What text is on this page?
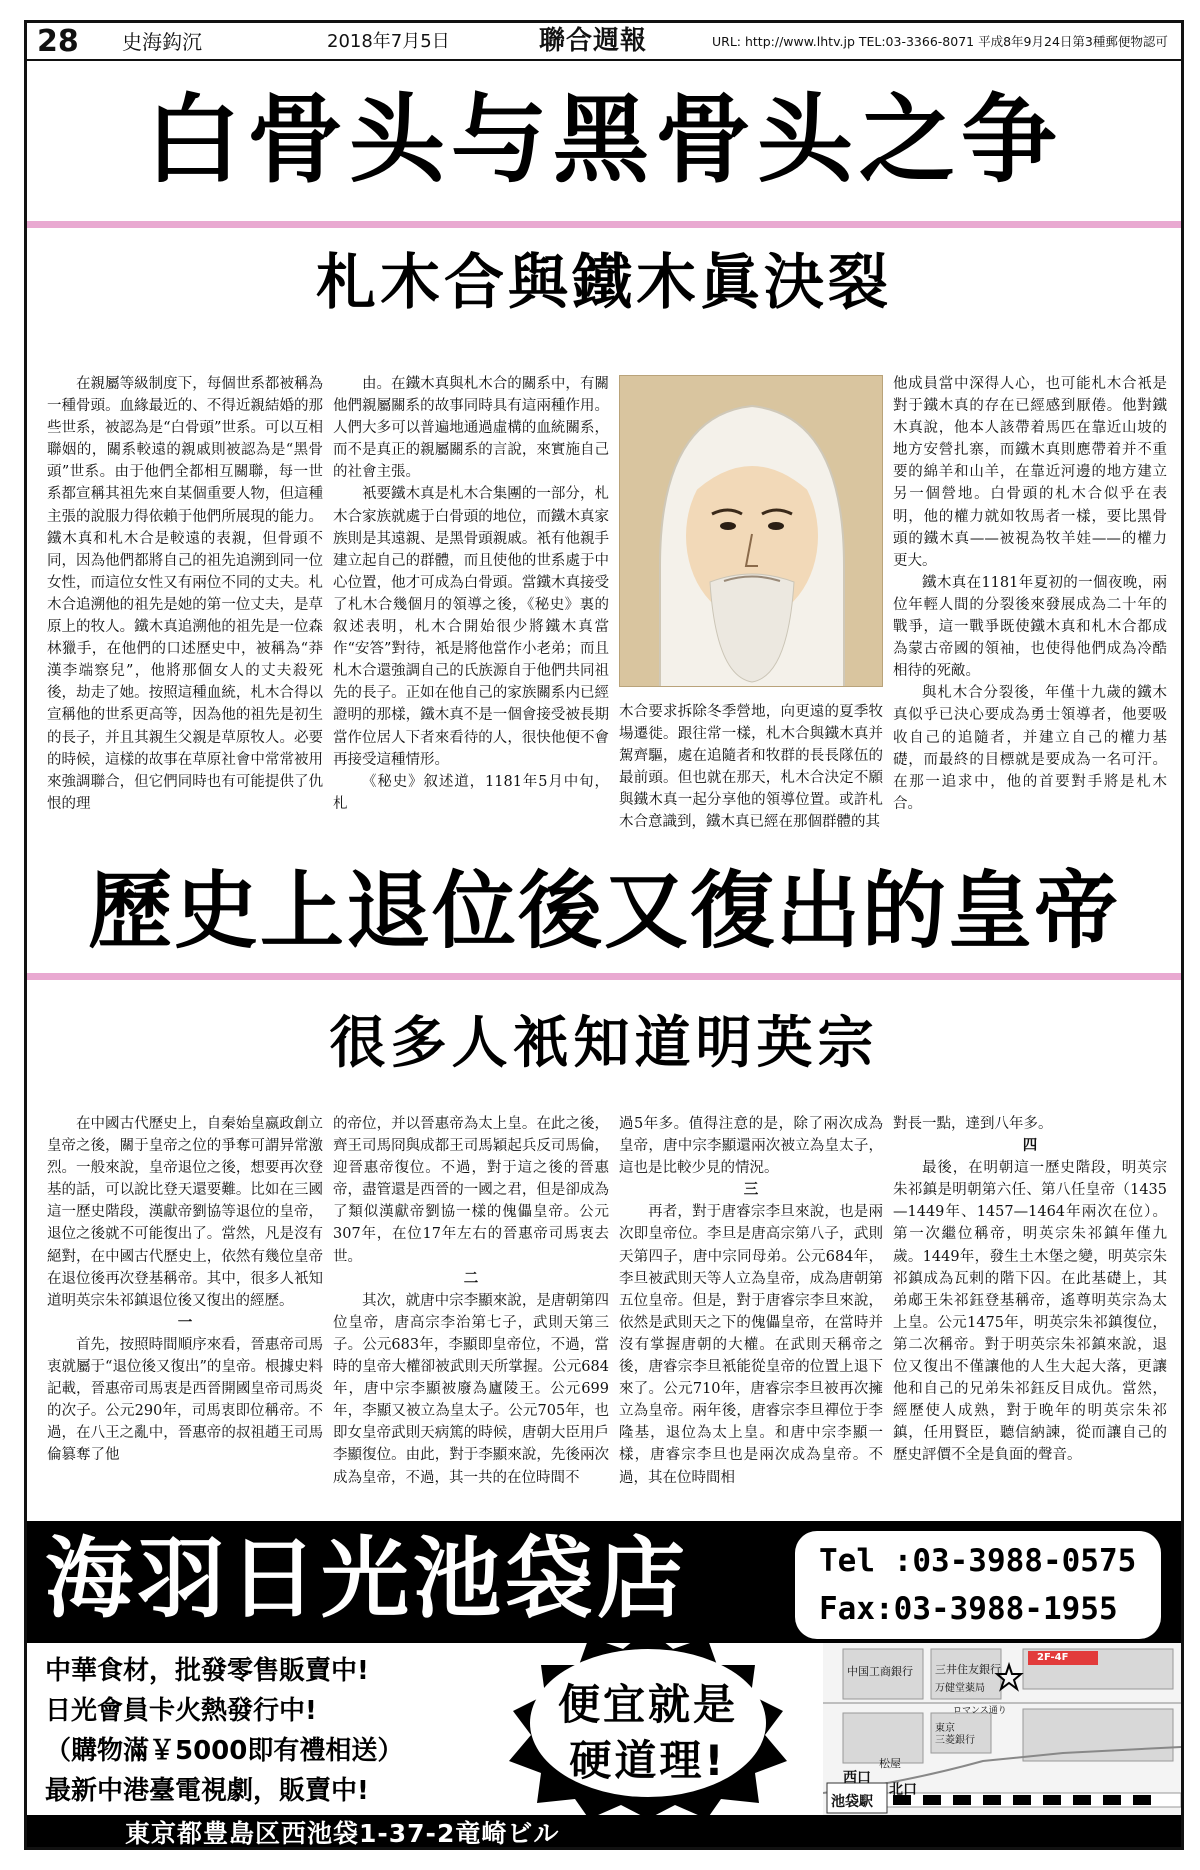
28 史海鈎沉	2018年7月5日	聯合週報	URL: http://www.lhtv.jp TEL:03-3366-8071 平成8年9月24日第3種郵便物認可
白骨头与黑骨头之争
札木合與鐵木眞決裂

在親屬等級制度下，每個世系都被稱為一種骨頭。血緣最近的、不得近親結婚的那些世系，被認為是“白骨頭”世系。可以互相聯姻的，關系較遠的親戚則被認為是“黑骨頭”世系。由于他們全都相互關聯，每一世系都宣稱其祖先來自某個重要人物，但這種主張的說服力得依賴于他們所展現的能力。鐵木真和札木合是較遠的表親，但骨頭不同，因為他們都將自己的祖先追溯到同一位女性，而這位女性又有兩位不同的丈夫。札木合追溯他的祖先是她的第一位丈夫，是草原上的牧人。鐵木真追溯他的祖先是一位森林獵手，在他們的口述歷史中，被稱為“莽漢李端察兒”，他將那個女人的丈夫殺死後，劫走了她。按照這種血統，札木合得以宣稱他的世系更高等，因為他的祖先是初生的長子，并且其親生父親是草原牧人。必要的時候，這樣的故事在草原社會中常常被用來強調聯合，但它們同時也有可能提供了仇恨的理

由。在鐵木真與札木合的關系中，有關他們親屬關系的故事同時具有這兩種作用。人們大多可以普遍地通過虛構的血統關系，而不是真正的親屬關系的言說，來實施自己的社會主張。

衹要鐵木真是札木合集團的一部分，札木合家族就處于白骨頭的地位，而鐵木真家族則是其遠親、是黑骨頭親戚。衹有他親手建立起自己的群體，而且使他的世系處于中心位置，他才可成為白骨頭。當鐵木真接受了札木合幾個月的領導之後，《秘史》裏的叙述表明，札木合開始很少將鐵木真當作“安答”對待，衹是將他當作小老弟；而且札木合還強調自己的氏族源自于他們共同祖先的長子。正如在他自己的家族關系内已經證明的那樣，鐵木真不是一個會接受被長期當作位居人下者來看待的人，很快他便不會再接受這種情形。

《秘史》叙述道，1181年5月中旬，札

木合要求拆除冬季營地，向更遠的夏季牧場遷徙。跟往常一樣，札木合與鐵木真并駕齊驅，處在追隨者和牧群的長長隊伍的最前頭。但也就在那天，札木合決定不願與鐵木真一起分享他的領導位置。或許札木合意識到，鐵木真已經在那個群體的其

他成員當中深得人心，也可能札木合衹是對于鐵木真的存在已經感到厭倦。他對鐵木真說，他本人該帶着馬匹在靠近山坡的地方安營扎寨，而鐵木真則應帶着并不重要的綿羊和山羊，在靠近河邊的地方建立另一個營地。白骨頭的札木合似乎在表明，他的權力就如牧馬者一樣，要比黑骨頭的鐵木真——被視為牧羊娃——的權力更大。

鐵木真在1181年夏初的一個夜晚，兩位年輕人間的分裂後來發展成為二十年的戰爭，這一戰爭既使鐵木真和札木合都成為蒙古帝國的領袖，也使得他們成為冷酷相待的死敵。

與札木合分裂後，年僅十九歲的鐵木真似乎已決心要成為勇士領導者，他要吸收自己的追隨者，并建立自己的權力基礎，而最終的目標就是要成為一名可汗。在那一追求中，他的首要對手將是札木合。

歷史上退位後又復出的皇帝
很多人衹知道明英宗

在中國古代歷史上，自秦始皇嬴政創立皇帝之後，關于皇帝之位的爭奪可謂异常激烈。一般來說，皇帝退位之後，想要再次登基的話，可以說比登天還要難。比如在三國這一歷史階段，漢獻帝劉協等退位的皇帝，退位之後就不可能復出了。當然，凡是沒有絕對，在中國古代歷史上，依然有幾位皇帝在退位後再次登基稱帝。其中，很多人衹知道明英宗朱祁鎮退位後又復出的經歷。

一

首先，按照時間順序來看，晉惠帝司馬衷就屬于“退位後又復出”的皇帝。根據史料記載，晉惠帝司馬衷是西晉開國皇帝司馬炎的次子。公元290年，司馬衷即位稱帝。不過，在八王之亂中，晉惠帝的叔祖趙王司馬倫篡奪了他

的帝位，并以晉惠帝為太上皇。在此之後，齊王司馬冏與成都王司馬穎起兵反司馬倫，迎晉惠帝復位。不過，對于這之後的晉惠帝，盡管還是西晉的一國之君，但是卻成為了類似漢獻帝劉協一樣的傀儡皇帝。公元307年，在位17年左右的晉惠帝司馬衷去世。

二

其次，就唐中宗李顯來說，是唐朝第四位皇帝，唐高宗李治第七子，武則天第三子。公元683年，李顯即皇帝位，不過，當時的皇帝大權卻被武則天所掌握。公元684年，唐中宗李顯被廢為廬陵王。公元699年，李顯又被立為皇太子。公元705年，也即女皇帝武則天病篤的時候，唐朝大臣用戶李顯復位。由此，對于李顯來說，先後兩次成為皇帝，不過，其一共的在位時間不

過5年多。值得注意的是，除了兩次成為皇帝，唐中宗李顯還兩次被立為皇太子，這也是比較少見的情況。

三

再者，對于唐睿宗李旦來說，也是兩次即皇帝位。李旦是唐高宗第八子，武則天第四子，唐中宗同母弟。公元684年，李旦被武則天等人立為皇帝，成為唐朝第五位皇帝。但是，對于唐睿宗李旦來說，依然是武則天之下的傀儡皇帝，在當時并沒有掌握唐朝的大權。在武則天稱帝之後，唐睿宗李旦衹能從皇帝的位置上退下來了。公元710年，唐睿宗李旦被再次擁立為皇帝。兩年後，唐睿宗李旦禪位于李隆基，退位為太上皇。和唐中宗李顯一樣，唐睿宗李旦也是兩次成為皇帝。不過，其在位時間相

對長一點，達到八年多。

四

最後，在明朝這一歷史階段，明英宗朱祁鎮是明朝第六任、第八任皇帝（1435—1449年、1457—1464年兩次在位）。第一次繼位稱帝，明英宗朱祁鎮年僅九歲。1449年，發生土木堡之變，明英宗朱祁鎮成為瓦剌的階下囚。在此基礎上，其弟郕王朱祁鈺登基稱帝，遙尊明英宗為太上皇。公元1475年，明英宗朱祁鎮復位，第二次稱帝。對于明英宗朱祁鎮來說，退位又復出不僅讓他的人生大起大落，更讓他和自己的兄弟朱祁鈺反目成仇。當然，經歷使人成熟，對于晚年的明英宗朱祁鎮，任用賢臣，聽信納諫，從而讓自己的歷史評價不全是負面的聲音。

海羽日光池袋店	Tel :03-3988-0575
Fax:03-3988-1955
中華食材，批發零售販賣中!
日光會員卡火熱發行中!
（購物滿￥5000即有禮相送）
最新中港臺電視劇，販賣中!
便宜就是
硬道理!
中国工商銀行 三井住友銀行
万健堂薬局
2F-4F
ロマンス通り
東京
三菱銀行
松屋
西口
北口
池袋駅
東京都豊島区西池袋1-37-2竜崎ビル
